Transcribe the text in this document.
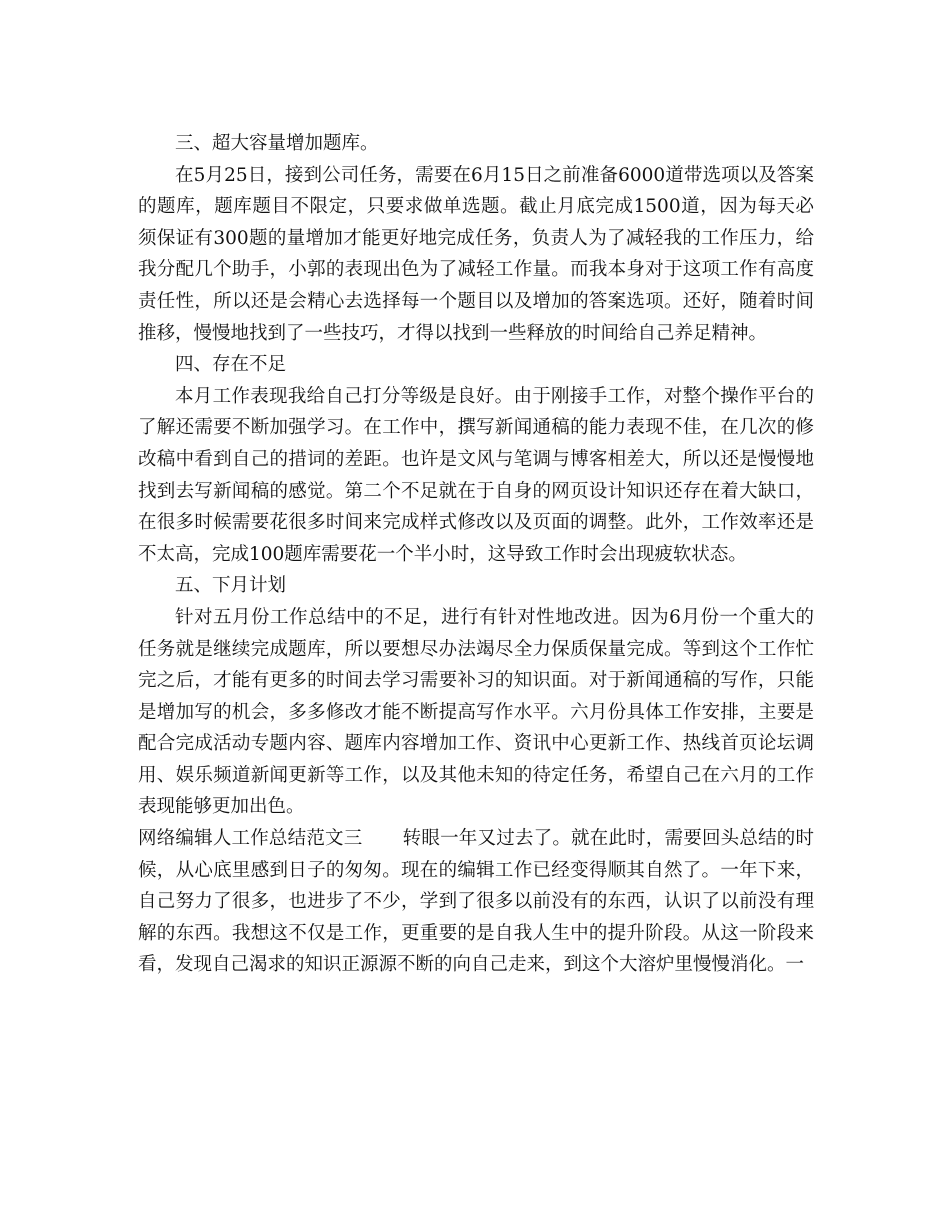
三、超大容量增加题库。

在5月25日，接到公司任务，需要在6月15日之前准备6000道带选项以及答案的题库，题库题目不限定，只要求做单选题。截止月底完成1500道，因为每天必须保证有300题的量增加才能更好地完成任务，负责人为了减轻我的工作压力，给我分配几个助手，小郭的表现出色为了减轻工作量。而我本身对于这项工作有高度责任性，所以还是会精心去选择每一个题目以及增加的答案选项。还好，随着时间推移，慢慢地找到了一些技巧，才得以找到一些释放的时间给自己养足精神。

四、存在不足

本月工作表现我给自己打分等级是良好。由于刚接手工作，对整个操作平台的了解还需要不断加强学习。在工作中，撰写新闻通稿的能力表现不佳，在几次的修改稿中看到自己的措词的差距。也许是文风与笔调与博客相差大，所以还是慢慢地找到去写新闻稿的感觉。第二个不足就在于自身的网页设计知识还存在着大缺口，在很多时候需要花很多时间来完成样式修改以及页面的调整。此外，工作效率还是不太高，完成100题库需要花一个半小时，这导致工作时会出现疲软状态。

五、下月计划

针对五月份工作总结中的不足，进行有针对性地改进。因为6月份一个重大的任务就是继续完成题库，所以要想尽办法竭尽全力保质保量完成。等到这个工作忙完之后，才能有更多的时间去学习需要补习的知识面。对于新闻通稿的写作，只能是增加写的机会，多多修改才能不断提高写作水平。六月份具体工作安排，主要是配合完成活动专题内容、题库内容增加工作、资讯中心更新工作、热线首页论坛调用、娱乐频道新闻更新等工作，以及其他未知的待定任务，希望自己在六月的工作表现能够更加出色。

网络编辑人工作总结范文三 转眼一年又过去了。就在此时，需要回头总结的时候，从心底里感到日子的匆匆。现在的编辑工作已经变得顺其自然了。一年下来，自己努力了很多，也进步了不少，学到了很多以前没有的东西，认识了以前没有理解的东西。我想这不仅是工作，更重要的是自我人生中的提升阶段。从这一阶段来看，发现自己渴求的知识正源源不断的向自己走来，到这个大溶炉里慢慢消化。一
